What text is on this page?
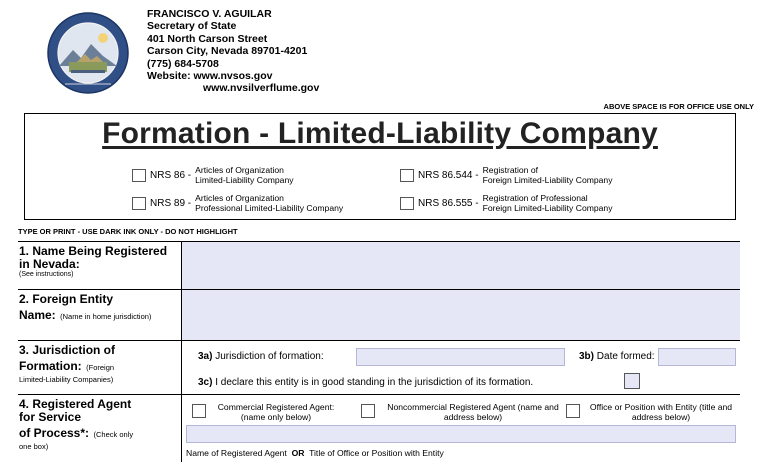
FRANCISCO V. AGUILAR
Secretary of State
401 North Carson Street
Carson City, Nevada 89701-4201
(775) 684-5708
Website: www.nvsos.gov
www.nvsilverflume.gov
ABOVE SPACE IS FOR OFFICE USE ONLY
Formation - Limited-Liability Company
NRS 86 - Articles of Organization
Limited-Liability Company	NRS 86.544 - Registration of
Foreign Limited-Liability Company
NRS 89 - Articles of Organization
Professional Limited-Liability Company	NRS 86.555 - Registration of Professional
Foreign Limited-Liability Company
TYPE OR PRINT - USE DARK INK ONLY - DO NOT HIGHLIGHT
1. Name Being Registered in Nevada:
(See instructions)
2. Foreign Entity
Name: (Name in home jurisdiction)
3. Jurisdiction of
Formation: (Foreign
Limited-Liability Companies)
3a) Jurisdiction of formation:	3b) Date formed:
3c) I declare this entity is in good standing in the jurisdiction of its formation.
4. Registered Agent for Service
of Process*: (Check only
one box)
Commercial Registered Agent:(name only below)
Noncommercial Registered Agent (name and address below)
Office or Position with Entity (title and address below)
Name of Registered Agent OR Title of Office or Position with Entity
